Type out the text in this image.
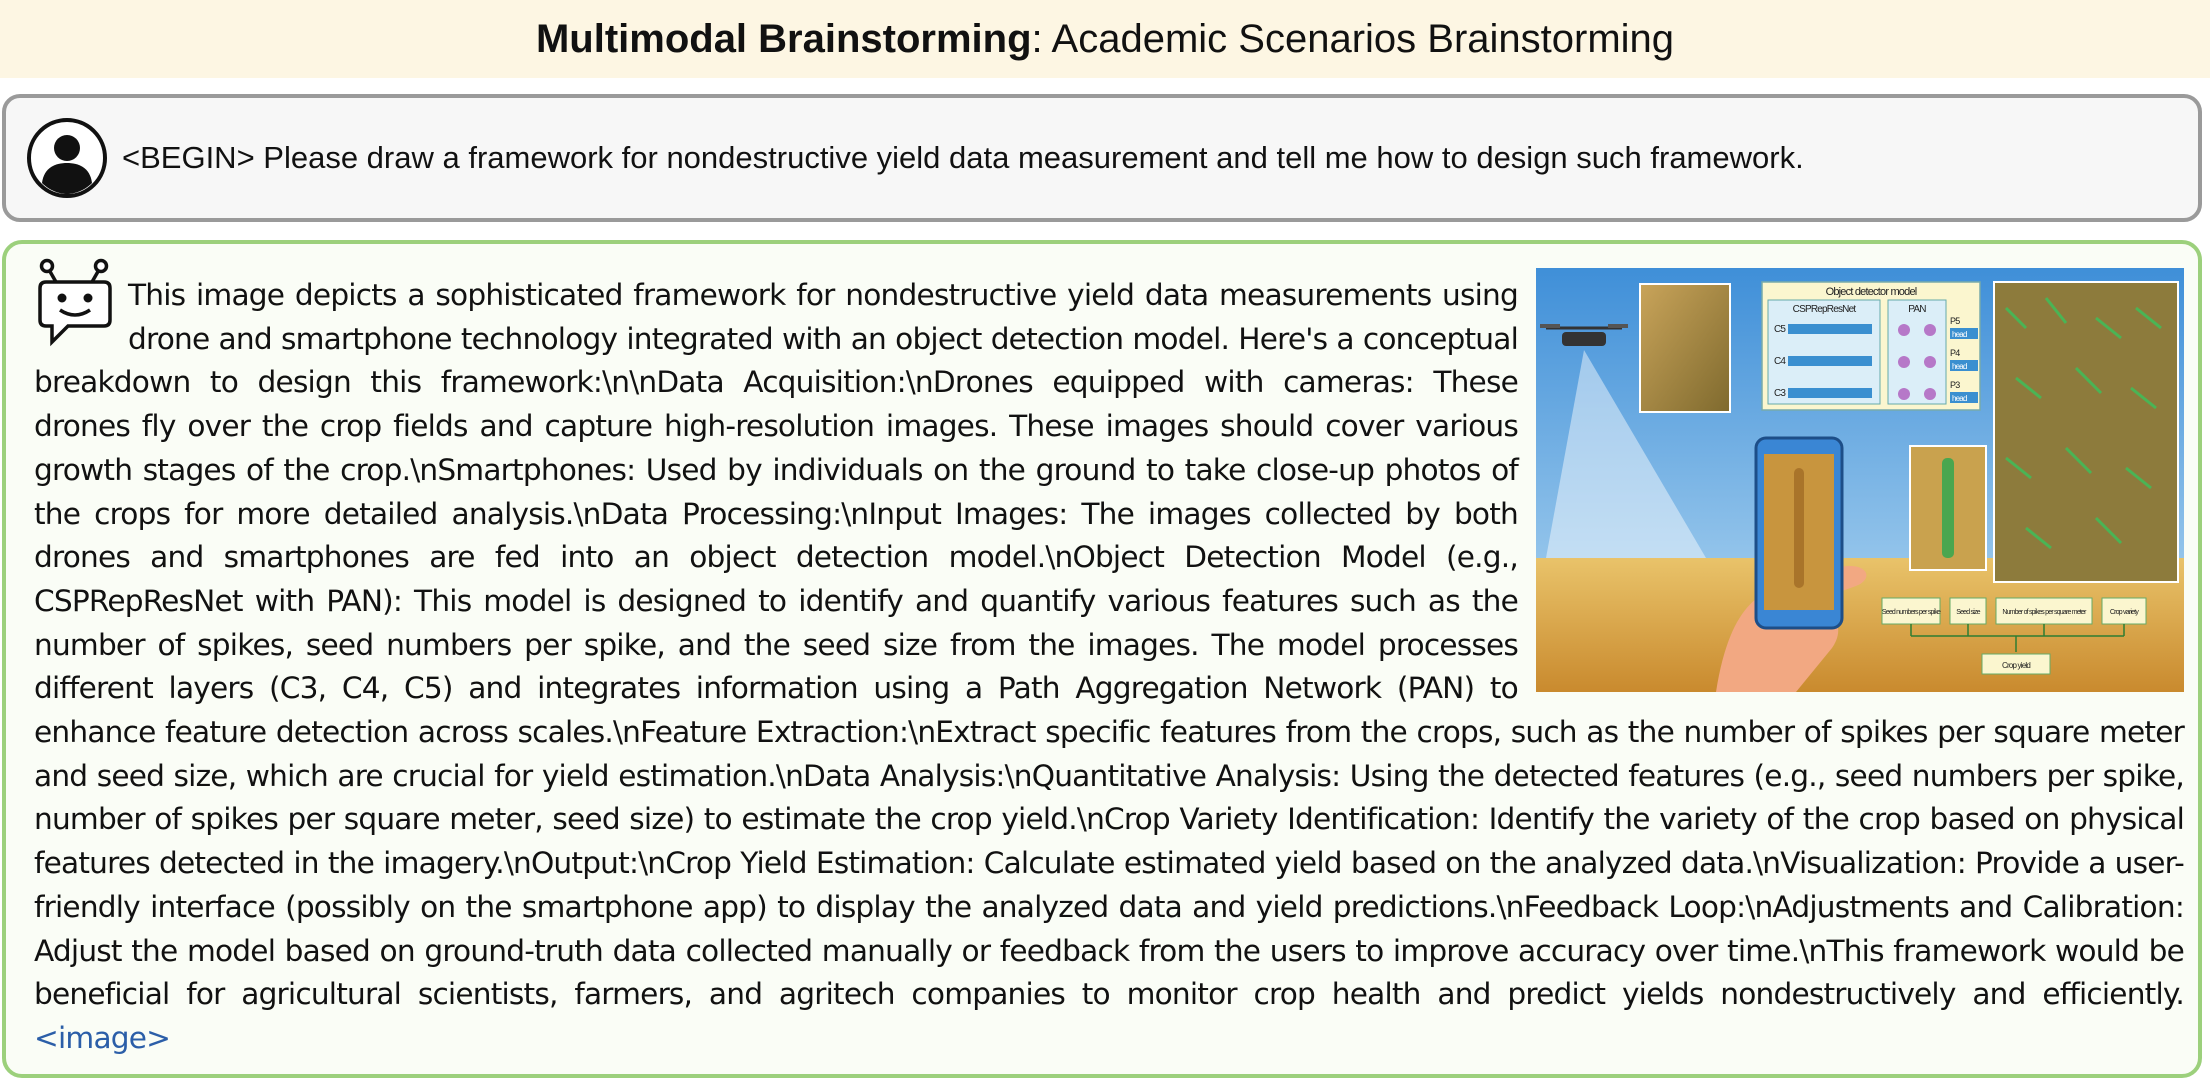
Multimodal Brainstorming : Academic Scenarios Brainstorming
<BEGIN> Please draw a framework for nondestructive yield data measurement and tell me how to design such framework.
Object detector model
CSPRepResNet
C5
C4
C3
PAN
P5
head
P4
head
P3
head
Seed numbers per spike Seed size	Number of spikes per square meter	Crop variety
Crop yield
This image depicts a sophisticated framework for nondestructive yield data measurements using drone and smartphone technology integrated with an object detection model. Here's a conceptual breakdown to design this framework:\n\nData Acquisition:\nDrones equipped with cameras: These drones fly over the crop fields and capture high-resolution images. These images should cover various growth stages of the crop.\nSmartphones: Used by individuals on the ground to take close-up photos of the crops for more detailed analysis.\nData Processing:\nInput Images: The images collected by both drones and smartphones are fed into an object detection model.\nObject Detection Model (e.g., CSPRepResNet with PAN): This model is designed to identify and quantify various features such as the number of spikes, seed numbers per spike, and the seed size from the images. The model processes different layers (C3, C4, C5) and integrates information using a Path Aggregation Network (PAN) to enhance feature detection across scales.\nFeature Extraction:\nExtract specific features from the crops, such as the number of spikes per square meter and seed size, which are crucial for yield estimation.\nData Analysis:\nQuantitative Analysis: Using the detected features (e.g., seed numbers per spike, number of spikes per square meter, seed size) to estimate the crop yield.\nCrop Variety Identification: Identify the variety of the crop based on physical features detected in the imagery.\nOutput:\nCrop Yield Estimation: Calculate estimated yield based on the analyzed data.\nVisualization: Provide a user-friendly interface (possibly on the smartphone app) to display the analyzed data and yield predictions.\nFeedback Loop:\nAdjustments and Calibration: Adjust the model based on ground-truth data collected manually or feedback from the users to improve accuracy over time.\nThis framework would be beneficial for agricultural scientists, farmers, and agritech companies to monitor crop health and predict yields nondestructively and efficiently. <image>
